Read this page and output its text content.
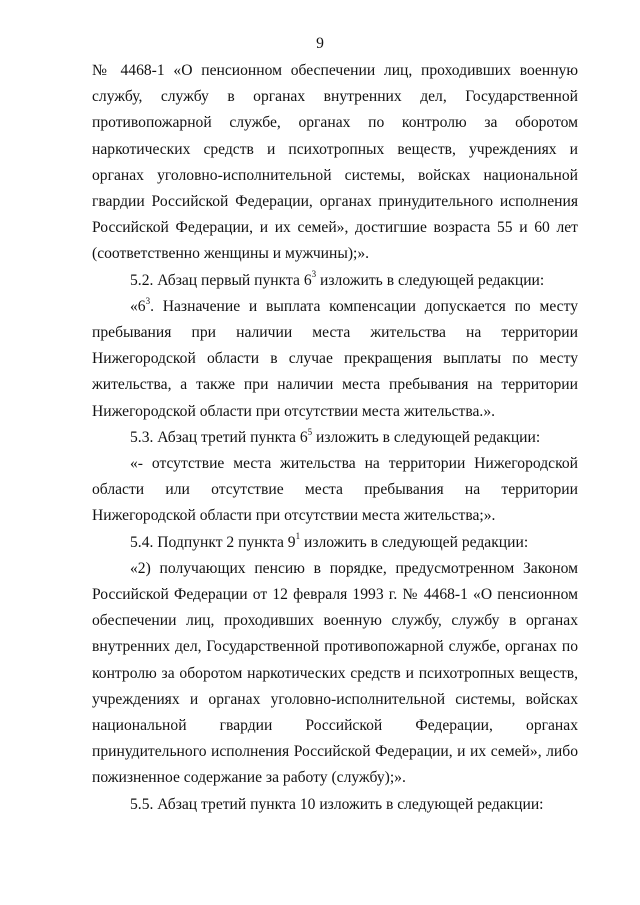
9

№ 4468-1 «О пенсионном обеспечении лиц, проходивших военную службу, службу в органах внутренних дел, Государственной противопожарной службе, органах по контролю за оборотом наркотических средств и психотропных веществ, учреждениях и органах уголовно-исполнительной системы, войсках национальной гвардии Российской Федерации, органах принудительного исполнения Российской Федерации, и их семей», достигшие возраста 55 и 60 лет (соответственно женщины и мужчины);».

5.2. Абзац первый пункта $6^3$ изложить в следующей редакции:

«$6^3$. Назначение и выплата компенсации допускается по месту пребывания при наличии места жительства на территории Нижегородской области в случае прекращения выплаты по месту жительства, а также при наличии места пребывания на территории Нижегородской области при отсутствии места жительства.».

5.3. Абзац третий пункта $6^5$ изложить в следующей редакции:

«- отсутствие места жительства на территории Нижегородской области или отсутствие места пребывания на территории Нижегородской области при отсутствии места жительства;».

5.4. Подпункт 2 пункта $9^1$ изложить в следующей редакции:

«2) получающих пенсию в порядке, предусмотренном Законом Российской Федерации от 12 февраля 1993 г. № 4468-1 «О пенсионном обеспечении лиц, проходивших военную службу, службу в органах внутренних дел, Государственной противопожарной службе, органах по контролю за оборотом наркотических средств и психотропных веществ, учреждениях и органах уголовно-исполнительной системы, войсках национальной гвардии Российской Федерации, органах принудительного исполнения Российской Федерации, и их семей», либо пожизненное содержание за работу (службу);».

5.5. Абзац третий пункта 10 изложить в следующей редакции:
